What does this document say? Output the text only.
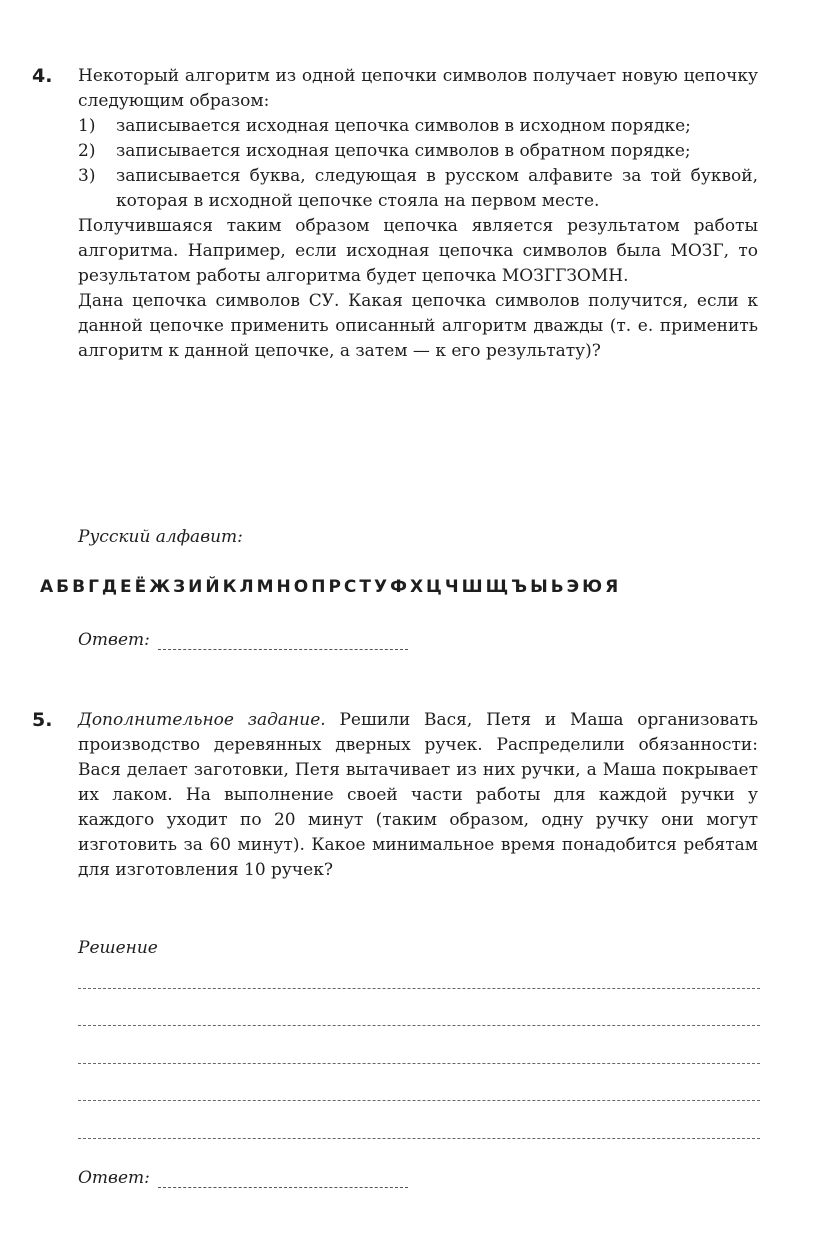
4. Некоторый алгоритм из одной цепочки символов получает новую цепочку следующим образом:

1) записывается исходная цепочка символов в исходном порядке;
2) записывается исходная цепочка символов в обратном порядке;
3) записывается буква, следующая в русском алфавите за той буквой, которая в исходной цепочке стояла на первом месте.

Получившаяся таким образом цепочка является результатом работы алгоритма. Например, если исходная цепочка символов была МОЗГ, то результатом работы алгоритма будет цепочка МОЗГГЗОМН.

Дана цепочка символов СУ. Какая цепочка символов получится, если к данной цепочке применить описанный алгоритм дважды (т. е. применить алгоритм к данной цепочке, а затем — к его результату)?

Русский алфавит:
АБВГДЕЁЖЗИЙКЛМНОПРСТУФХЦЧШЩЪЫЬЭЮЯ
Ответ:
5. Дополнительное задание. Решили Вася, Петя и Маша организовать производство деревянных дверных ручек. Распределили обязанности: Вася делает заготовки, Петя вытачивает из них ручки, а Маша покрывает их лаком. На выполнение своей части работы для каждой ручки у каждого уходит по 20 минут (таким образом, одну ручку они могут изготовить за 60 минут). Какое минимальное время понадобится ребятам для изготовления 10 ручек?

Решение
Ответ:
